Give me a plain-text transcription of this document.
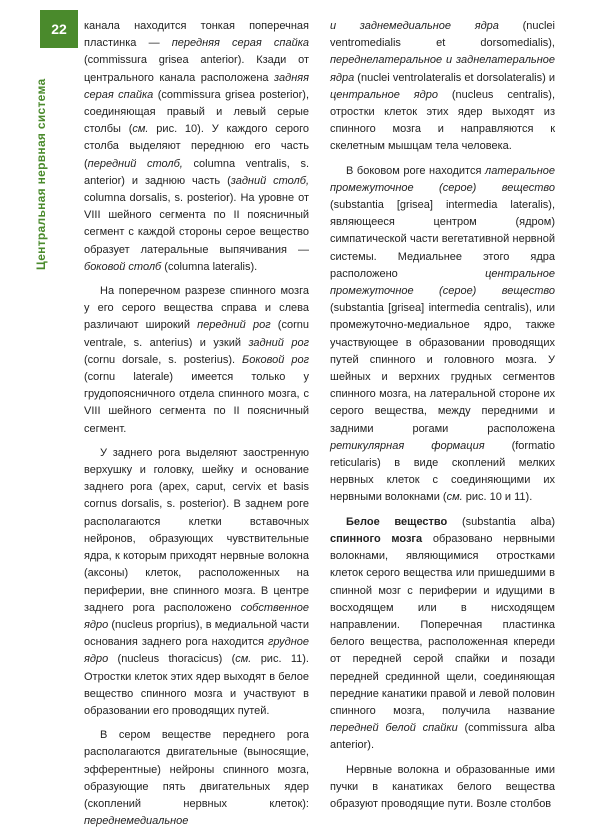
22
Центральная нервная система

канала находится тонкая поперечная пластинка — передняя серая спайка (commissura grisea anterior). Кзади от центрального канала расположена задняя серая спайка (commissura grisea posterior), соединяющая правый и левый серые столбы (см. рис. 10). У каждого серого столба выделяют переднюю его часть (передний столб, columna ventralis, s. anterior) и заднюю часть (задний столб, columna dorsalis, s. posterior). На уровне от VIII шейного сегмента по II поясничный сегмент с каждой стороны серое вещество образует латеральные выпячивания — боковой столб (columna lateralis).

На поперечном разрезе спинного мозга у его серого вещества справа и слева различают широкий передний рог (cornu ventrale, s. anterius) и узкий задний рог (cornu dorsale, s. posterius). Боковой рог (cornu laterale) имеется только у грудопоясничного отдела спинного мозга, с VIII шейного сегмента по II поясничный сегмент.

У заднего рога выделяют заостренную верхушку и головку, шейку и основание заднего рога (apex, caput, cervix et basis cornus dorsalis, s. posterior). В заднем роге располагаются клетки вставочных нейронов, образующих чувствительные ядра, к которым приходят нервные волокна (аксоны) клеток, расположенных на периферии, вне спинного мозга. В центре заднего рога расположено собственное ядро (nucleus proprius), в медиальной части основания заднего рога находится грудное ядро (nucleus thoracicus) (см. рис. 11). Отростки клеток этих ядер выходят в белое вещество спинного мозга и участвуют в образовании его проводящих путей.

В сером веществе переднего рога располагаются двигательные (выносящие, эфферентные) нейроны спинного мозга, образующие пять двигательных ядер (скоплений нервных клеток): переднемедиальное

и заднемедиальное ядра (nuclei ventromedialis et dorsomedialis), переднелатеральное и заднелатеральное ядра (nuclei ventrolateralis et dorsolateralis) и центральное ядро (nucleus centralis), отростки клеток этих ядер выходят из спинного мозга и направляются к скелетным мышцам тела человека.

В боковом роге находится латеральное промежуточное (серое) вещество (substantia [grisea] intermedia lateralis), являющееся центром (ядром) симпатической части вегетативной нервной системы. Медиальнее этого ядра расположено центральное промежуточное (серое) вещество (substantia [grisea] intermedia centralis), или промежуточно-медиальное ядро, также участвующее в образовании проводящих путей спинного и головного мозга. У шейных и верхних грудных сегментов спинного мозга, на латеральной стороне их серого вещества, между передними и задними рогами расположена ретикулярная формация (formatio reticularis) в виде скоплений мелких нервных клеток с соединяющими их нервными волокнами (см. рис. 10 и 11).

Белое вещество (substantia alba) спинного мозга образовано нервными волокнами, являющимися отростками клеток серого вещества или пришедшими в спинной мозг с периферии и идущими в восходящем или в нисходящем направлении. Поперечная пластинка белого вещества, расположенная кпереди от передней серой спайки и позади передней срединной щели, соединяющая передние канатики правой и левой половин спинного мозга, получила название передней белой спайки (commissura alba anterior).

Нервные волокна и образованные ими пучки в канатиках белого вещества образуют проводящие пути. Возле столбов
